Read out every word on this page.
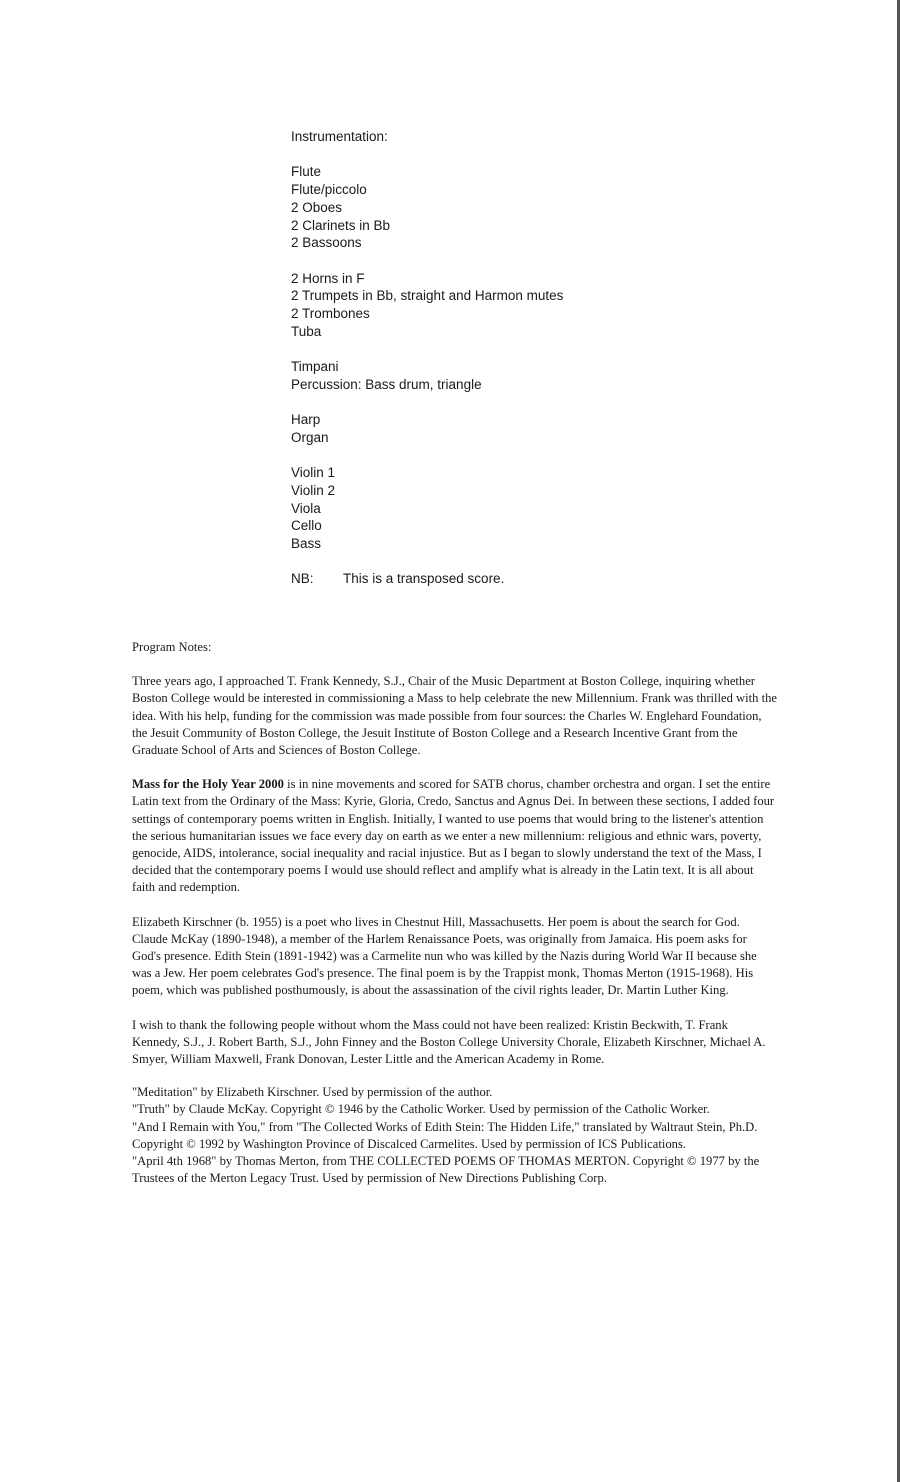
Instrumentation:
Flute
Flute/piccolo
2 Oboes
2 Clarinets in Bb
2 Bassoons
2 Horns in F
2 Trumpets in Bb, straight and Harmon mutes
2 Trombones
Tuba
Timpani
Percussion: Bass drum, triangle
Harp
Organ
Violin 1
Violin 2
Viola
Cello
Bass
NB:	This is a transposed score.

Program Notes:

Three years ago, I approached T. Frank Kennedy, S.J., Chair of the Music Department at Boston College, inquiring whether Boston College would be interested in commissioning a Mass to help celebrate the new Millennium. Frank was thrilled with the idea. With his help, funding for the commission was made possible from four sources: the Charles W. Englehard Foundation, the Jesuit Community of Boston College, the Jesuit Institute of Boston College and a Research Incentive Grant from the Graduate School of Arts and Sciences of Boston College.

Mass for the Holy Year 2000 is in nine movements and scored for SATB chorus, chamber orchestra and organ. I set the entire Latin text from the Ordinary of the Mass: Kyrie, Gloria, Credo, Sanctus and Agnus Dei. In between these sections, I added four settings of contemporary poems written in English. Initially, I wanted to use poems that would bring to the listener's attention the serious humanitarian issues we face every day on earth as we enter a new millennium: religious and ethnic wars, poverty, genocide, AIDS, intolerance, social inequality and racial injustice. But as I began to slowly understand the text of the Mass, I decided that the contemporary poems I would use should reflect and amplify what is already in the Latin text. It is all about faith and redemption.

Elizabeth Kirschner (b. 1955) is a poet who lives in Chestnut Hill, Massachusetts. Her poem is about the search for God. Claude McKay (1890-1948), a member of the Harlem Renaissance Poets, was originally from Jamaica. His poem asks for God's presence. Edith Stein (1891-1942) was a Carmelite nun who was killed by the Nazis during World War II because she was a Jew. Her poem celebrates God's presence. The final poem is by the Trappist monk, Thomas Merton (1915-1968). His poem, which was published posthumously, is about the assassination of the civil rights leader, Dr. Martin Luther King.

I wish to thank the following people without whom the Mass could not have been realized: Kristin Beckwith, T. Frank Kennedy, S.J., J. Robert Barth, S.J., John Finney and the Boston College University Chorale, Elizabeth Kirschner, Michael A. Smyer, William Maxwell, Frank Donovan, Lester Little and the American Academy in Rome.

"Meditation" by Elizabeth Kirschner. Used by permission of the author.

"Truth" by Claude McKay. Copyright © 1946 by the Catholic Worker. Used by permission of the Catholic Worker.

"And I Remain with You," from "The Collected Works of Edith Stein: The Hidden Life," translated by Waltraut Stein, Ph.D. Copyright © 1992 by Washington Province of Discalced Carmelites. Used by permission of ICS Publications.

"April 4th 1968" by Thomas Merton, from THE COLLECTED POEMS OF THOMAS MERTON. Copyright © 1977 by the Trustees of the Merton Legacy Trust. Used by permission of New Directions Publishing Corp.
